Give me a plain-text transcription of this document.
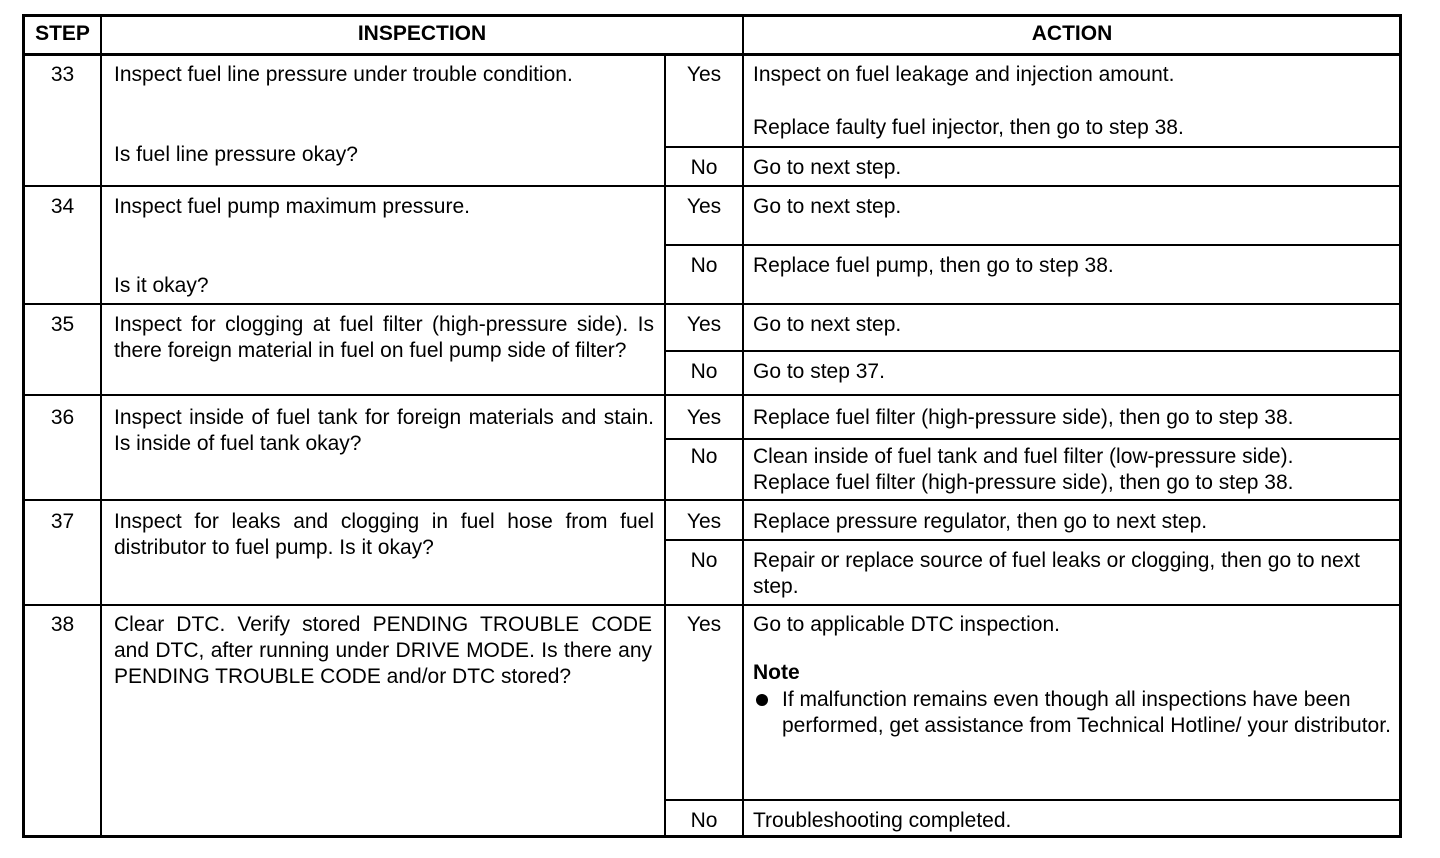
STEP	INSPECTION	ACTION
33	Inspect fuel line pressure under trouble condition.
Is fuel line pressure okay?
Yes	Inspect on fuel leakage and injection amount.
Replace faulty fuel injector, then go to step 38.
No	Go to next step.
34	Inspect fuel pump maximum pressure.
Is it okay?
Yes	Go to next step.
No	Replace fuel pump, then go to step 38.
35	Inspect for clogging at fuel filter (high-pressure side). Is there foreign material in fuel on fuel pump side of filter?
Yes	Go to next step.
No	Go to step 37.
36	Inspect inside of fuel tank for foreign materials and stain. Is inside of fuel tank okay?
Yes	Replace fuel filter (high-pressure side), then go to step 38.
No	Clean inside of fuel tank and fuel filter (low-pressure side).
Replace fuel filter (high-pressure side), then go to step 38.
37	Inspect for leaks and clogging in fuel hose from fuel distributor to fuel pump. Is it okay?
Yes	Replace pressure regulator, then go to next step.
No	Repair or replace source of fuel leaks or clogging, then go to next step.
38	Clear DTC. Verify stored PENDING TROUBLE CODE and DTC, after running under DRIVE MODE. Is there any PENDING TROUBLE CODE and/or DTC stored?
Yes	Go to applicable DTC inspection.
Note
If malfunction remains even though all inspections have been performed, get assistance from Technical Hotline/ your distributor.
No	Troubleshooting completed.
